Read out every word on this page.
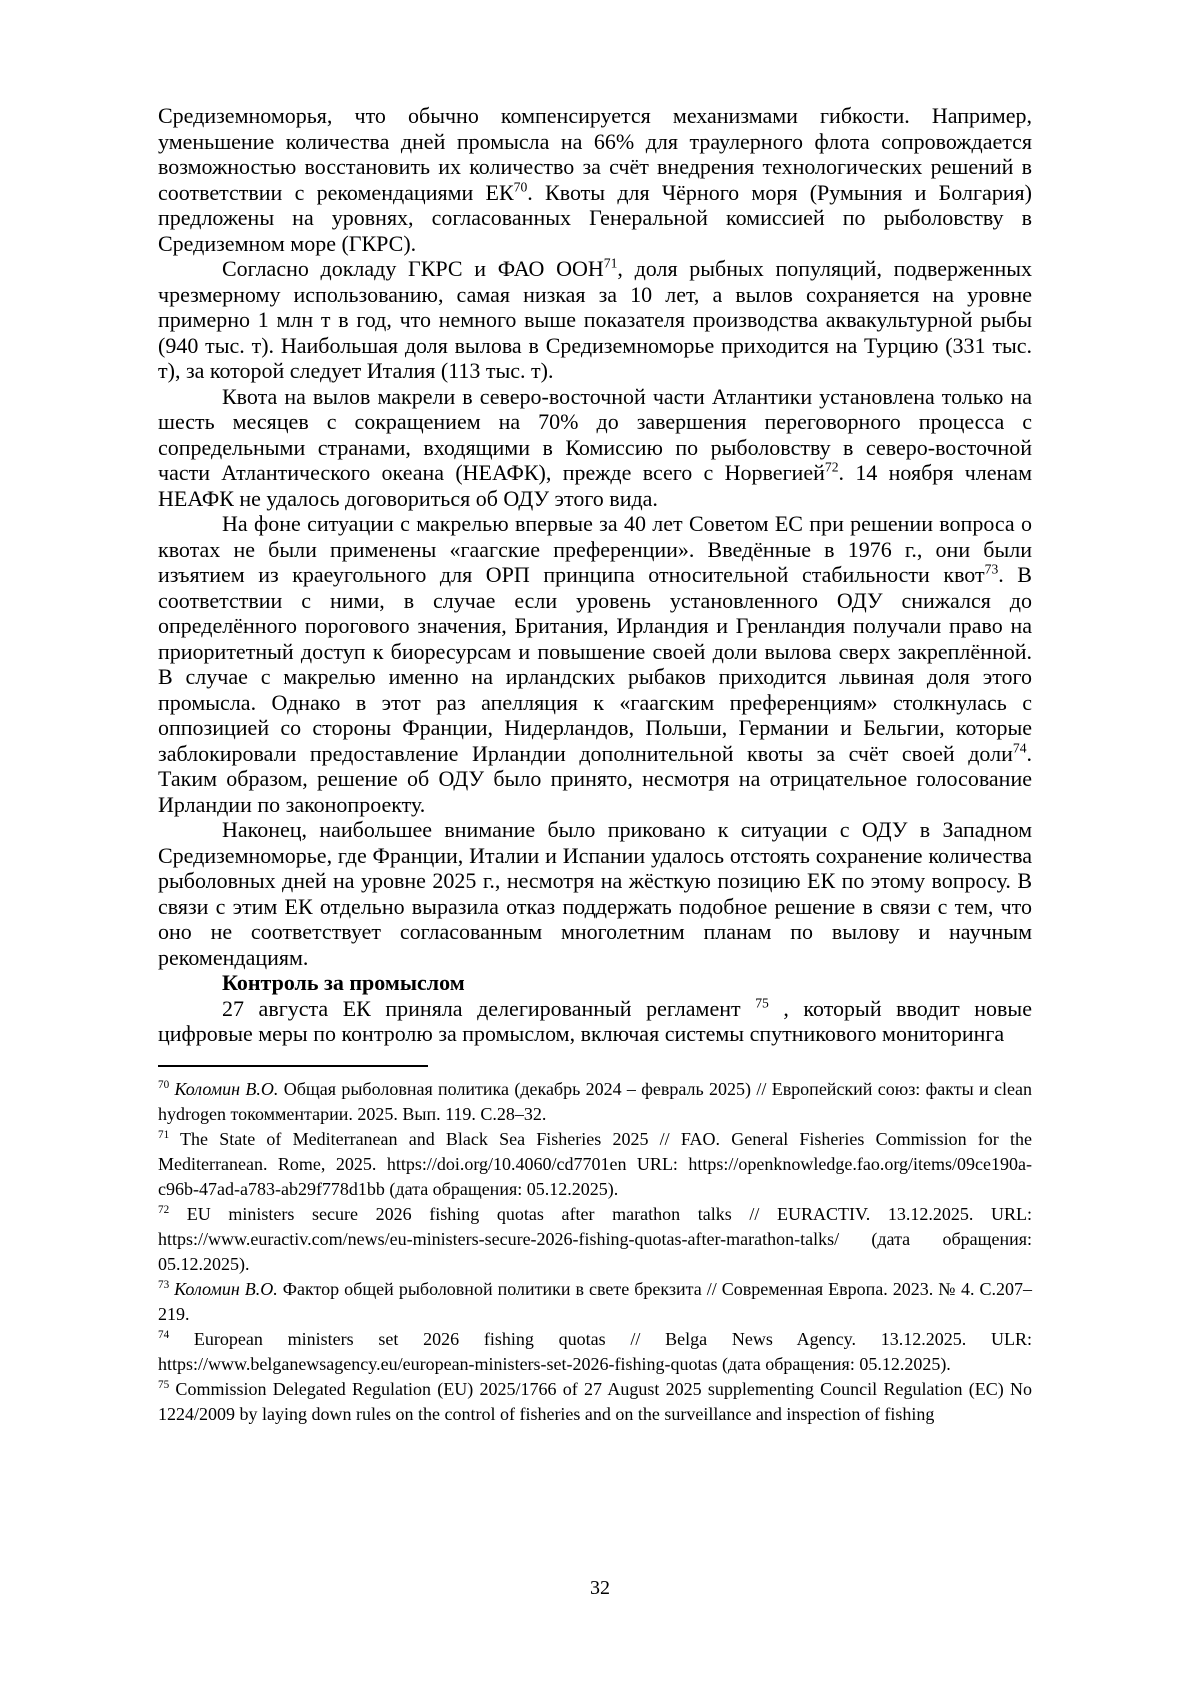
Средиземноморья, что обычно компенсируется механизмами гибкости. Например, уменьшение количества дней промысла на 66% для траулерного флота сопровождается возможностью восстановить их количество за счёт внедрения технологических решений в соответствии с рекомендациями ЕК$^{70}$. Квоты для Чёрного моря (Румыния и Болгария) предложены на уровнях, согласованных Генеральной комиссией по рыболовству в Средиземном море (ГКРС).

Согласно докладу ГКРС и ФАО ООН$^{71}$, доля рыбных популяций, подверженных чрезмерному использованию, самая низкая за 10 лет, а вылов сохраняется на уровне примерно 1 млн т в год, что немного выше показателя производства аквакультурной рыбы (940 тыс. т). Наибольшая доля вылова в Средиземноморье приходится на Турцию (331 тыс. т), за которой следует Италия (113 тыс. т).

Квота на вылов макрели в северо-восточной части Атлантики установлена только на шесть месяцев с сокращением на 70% до завершения переговорного процесса с сопредельными странами, входящими в Комиссию по рыболовству в северо-восточной части Атлантического океана (НЕАФК), прежде всего с Норвегией$^{72}$. 14 ноября членам НЕАФК не удалось договориться об ОДУ этого вида.

На фоне ситуации с макрелью впервые за 40 лет Советом ЕС при решении вопроса о квотах не были применены «гаагские преференции». Введённые в 1976 г., они были изъятием из краеугольного для ОРП принципа относительной стабильности квот$^{73}$. В соответствии с ними, в случае если уровень установленного ОДУ снижался до определённого порогового значения, Британия, Ирландия и Гренландия получали право на приоритетный доступ к биоресурсам и повышение своей доли вылова сверх закреплённой. В случае с макрелью именно на ирландских рыбаков приходится львиная доля этого промысла. Однако в этот раз апелляция к «гаагским преференциям» столкнулась с оппозицией со стороны Франции, Нидерландов, Польши, Германии и Бельгии, которые заблокировали предоставление Ирландии дополнительной квоты за счёт своей доли$^{74}$. Таким образом, решение об ОДУ было принято, несмотря на отрицательное голосование Ирландии по законопроекту.

Наконец, наибольшее внимание было приковано к ситуации с ОДУ в Западном Средиземноморье, где Франции, Италии и Испании удалось отстоять сохранение количества рыболовных дней на уровне 2025 г., несмотря на жёсткую позицию ЕК по этому вопросу. В связи с этим ЕК отдельно выразила отказ поддержать подобное решение в связи с тем, что оно не соответствует согласованным многолетним планам по вылову и научным рекомендациям.

Контроль за промыслом

27 августа ЕК приняла делегированный регламент $^{75}$ , который вводит новые цифровые меры по контролю за промыслом, включая системы спутникового мониторинга

$^{70}$ Коломин В.О. Общая рыболовная политика (декабрь 2024 – февраль 2025) // Европейский союз: факты и clean hydrogen токомментарии. 2025. Вып. 119. С.28–32.

$^{71}$ The State of Mediterranean and Black Sea Fisheries 2025 // FAO. General Fisheries Commission for the Mediterranean. Rome, 2025. https://doi.org/10.4060/cd7701en URL: https://openknowledge.fao.org/items/09ce190a-c96b-47ad-a783-ab29f778d1bb (дата обращения: 05.12.2025).

$^{72}$ EU ministers secure 2026 fishing quotas after marathon talks // EURACTIV. 13.12.2025. URL: https://www.euractiv.com/news/eu-ministers-secure-2026-fishing-quotas-after-marathon-talks/ (дата обращения: 05.12.2025).

$^{73}$ Коломин В.О. Фактор общей рыболовной политики в свете брекзита // Современная Европа. 2023. № 4. С.207–219.

$^{74}$ European ministers set 2026 fishing quotas // Belga News Agency. 13.12.2025. ULR: https://www.belganewsagency.eu/european-ministers-set-2026-fishing-quotas (дата обращения: 05.12.2025).

$^{75}$ Commission Delegated Regulation (EU) 2025/1766 of 27 August 2025 supplementing Council Regulation (EC) No 1224/2009 by laying down rules on the control of fisheries and on the surveillance and inspection of fishing

32
